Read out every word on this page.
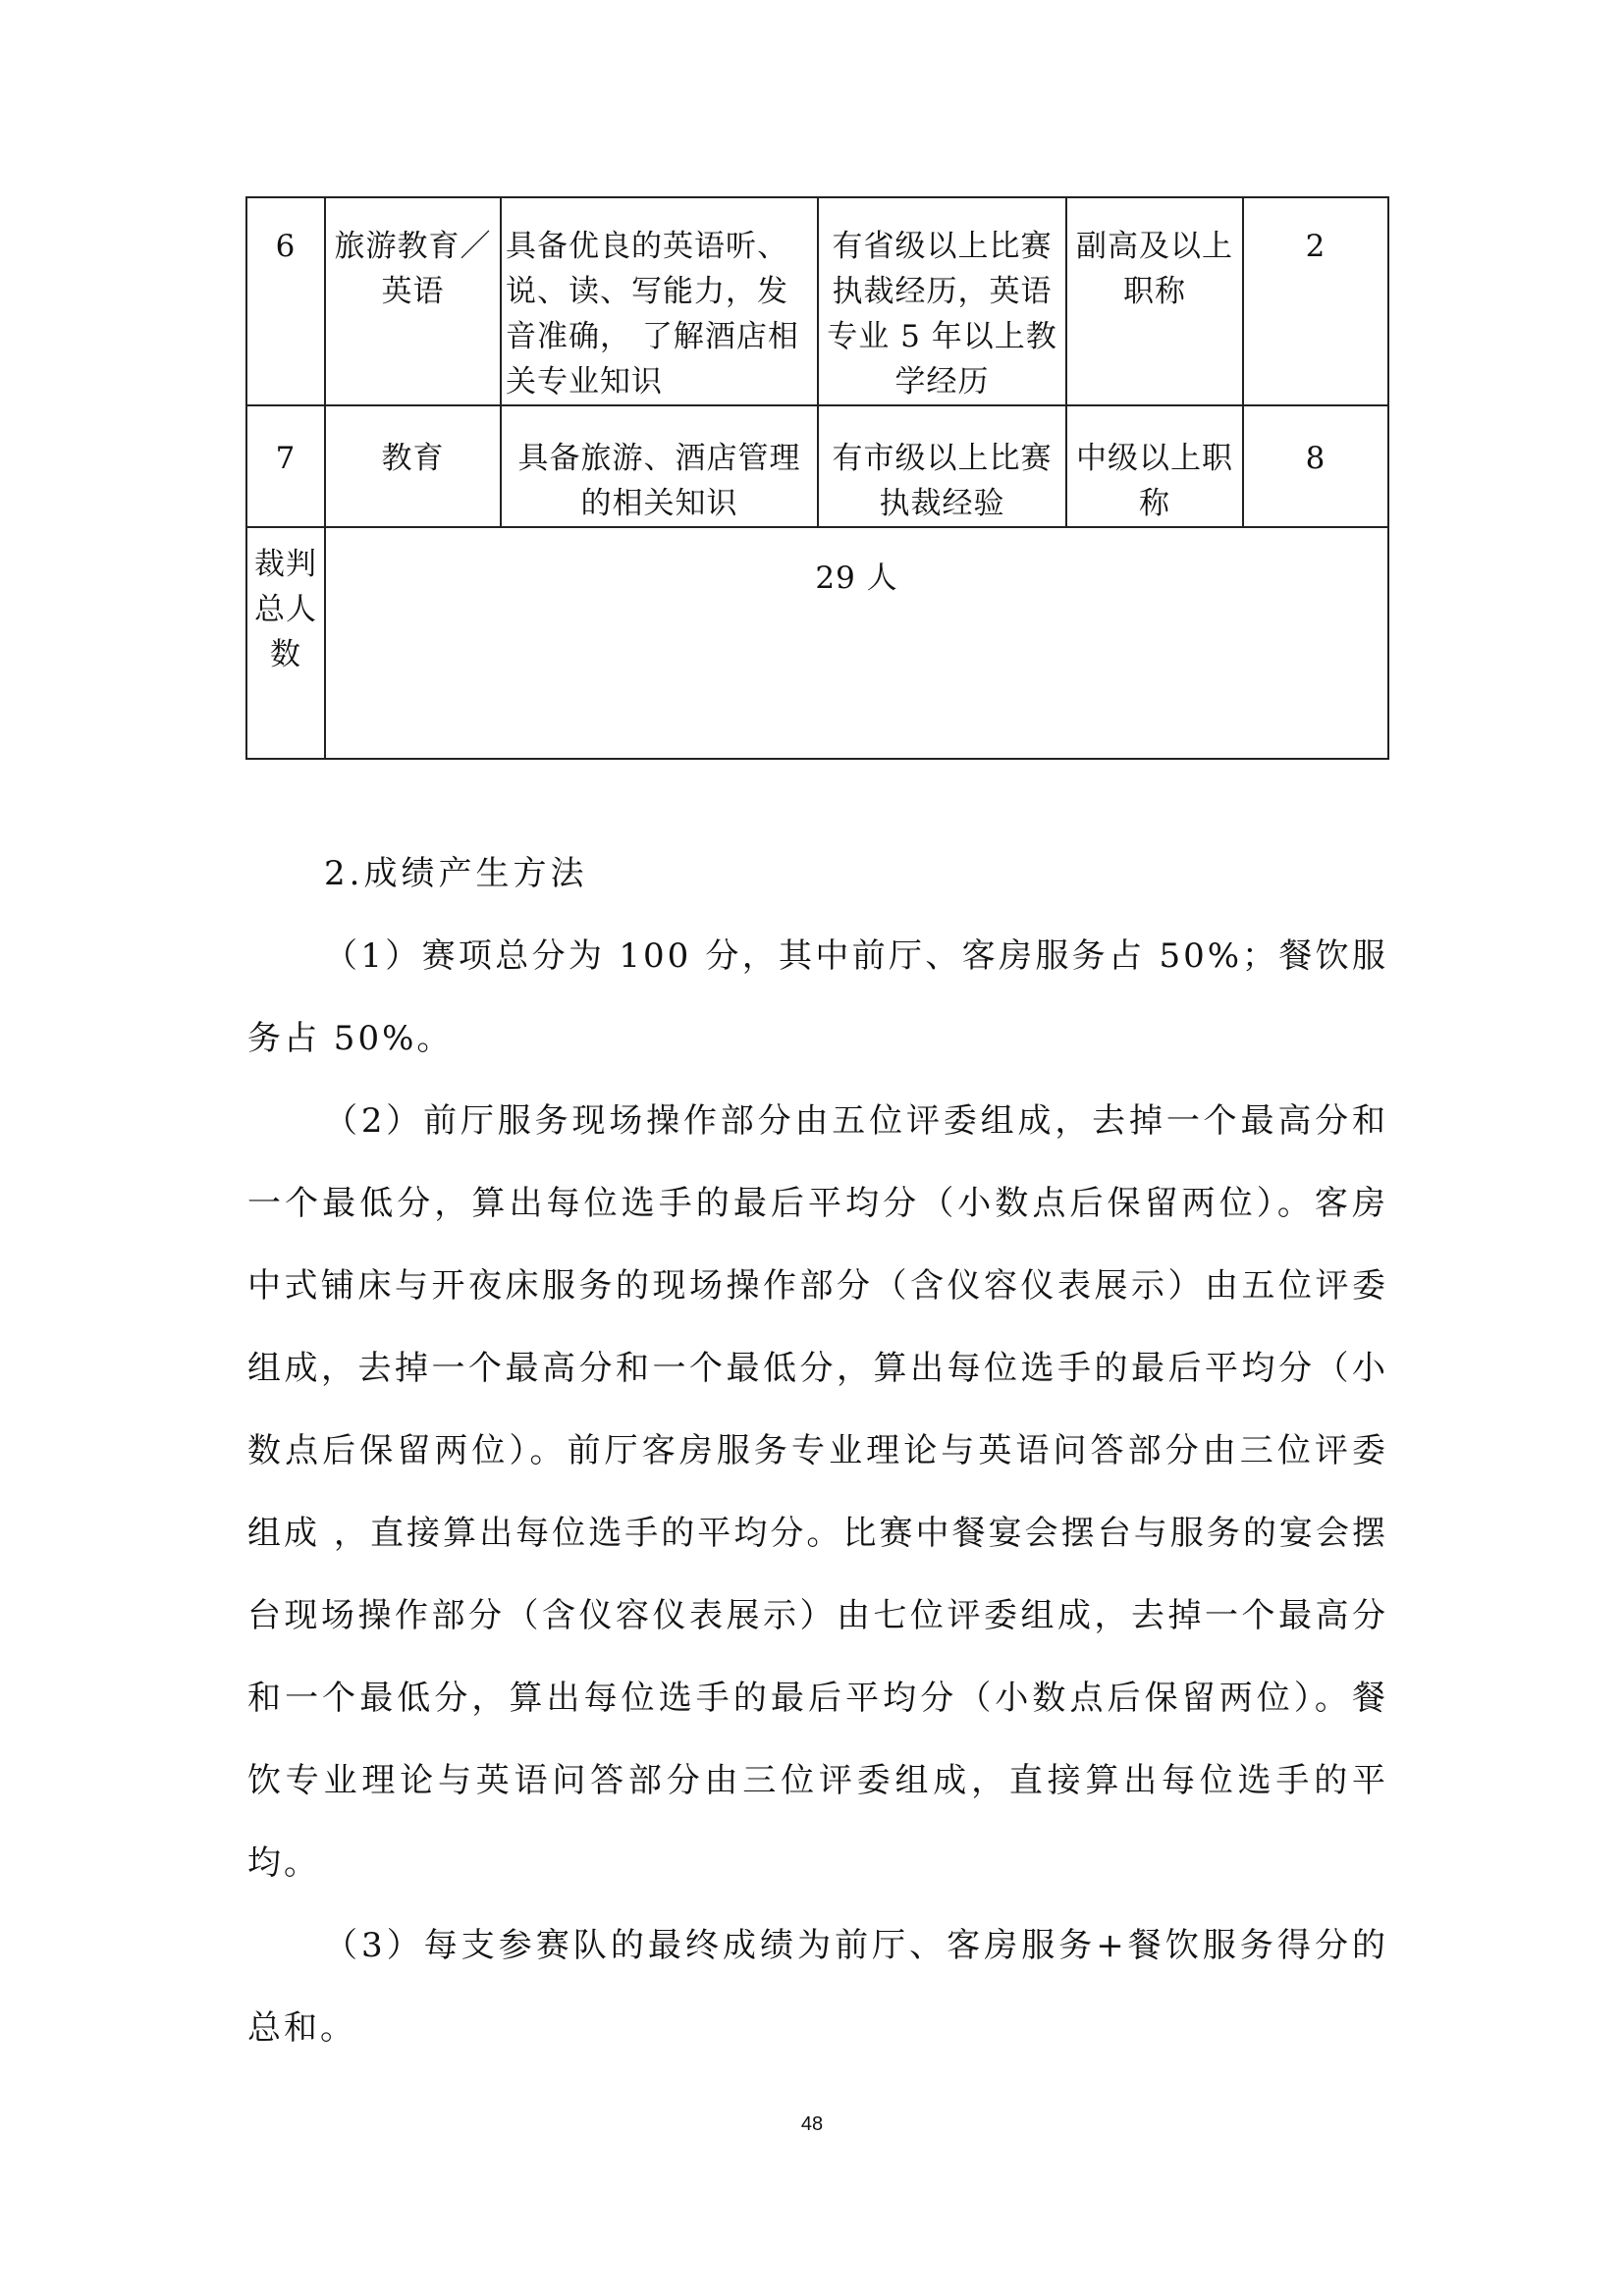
6	旅游教育／英语	具备优良的英语听、说、读、写能力，发音准确， 了解酒店相关专业知识	有省级以上比赛执裁经历，英语专业 5 年以上教学经历	副高及以上职称	2
7	教育	具备旅游、酒店管理的相关知识	有市级以上比赛执裁经验	中级以上职称	8
裁判总人数	29 人				
2.成绩产生方法

（1）赛项总分为 100 分，其中前厅、客房服务占 50%；餐饮服务占 50%。

（2）前厅服务现场操作部分由五位评委组成，去掉一个最高分和一个最低分，算出每位选手的最后平均分（小数点后保留两位）。客房中式铺床与开夜床服务的现场操作部分（含仪容仪表展示）由五位评委组成，去掉一个最高分和一个最低分，算出每位选手的最后平均分（小数点后保留两位）。前厅客房服务专业理论与英语问答部分由三位评委组成 ，直接算出每位选手的平均分。比赛中餐宴会摆台与服务的宴会摆台现场操作部分（含仪容仪表展示）由七位评委组成，去掉一个最高分和一个最低分，算出每位选手的最后平均分（小数点后保留两位）。餐饮专业理论与英语问答部分由三位评委组成，直接算出每位选手的平均。

（3）每支参赛队的最终成绩为前厅、客房服务+餐饮服务得分的总和。

48
